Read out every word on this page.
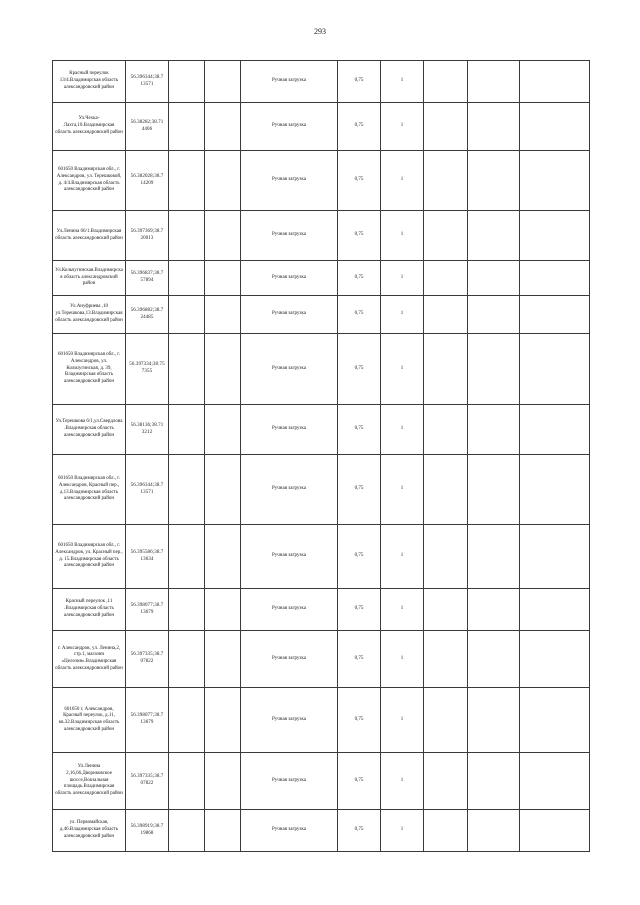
293
Красный переулок 13/4.Владимирская область александровский район	56.396344;38.7 13571			Ручная загрузка	0,75	1			
Ул.Чехка-Лахта,10.Владимирская область александровский район	56.38282;38.71 4406			Ручная загрузка	0,75	1			
601650 Владимирская обл., г. Александров, ул. Терешковой, д. 4/4.Владимирская область александровский район	56.382028;38.7 14209			Ручная загрузка	0,75	1			
Ул.Ленина 66/1.Владимирская область александровский район	56.397369;38.7 20013			Ручная загрузка	0,75	1			
Ул.Кольчугинская.Владимирская область александровский район	56.396837;38.7 57894			Ручная загрузка	0,75	1			
Ул.Ануфриева ,10 ул.Терешкова,13.Владимирская область александровский район	56.396882;38.7 24485			Ручная загрузка	0,75	1			
601650 Владимирская обл., г. Александров, ул. Кольчугинская, д. 39, Владимирская область александровский район	56.397334;38.75 7355			Ручная загрузка	0,75	1			
Ул.Терешкова 6/1,ул.Свердлова .Владимирская область александровский район	56.38136;38.71 3212			Ручная загрузка	0,75	1			
601650 Владимирская обл., г. Александров, Красный пер., д.13.Владимирская область александровский район	56.396344;38.7 13571			Ручная загрузка	0,75	1			
601650 Владимирская обл., г. Александров, ул. Красный пер., д. 15.Владимирская область александровский район	56.395586;38.7 13634			Ручная загрузка	0,75	1			
Красный переулок ,11 .Владимирская область александровский район	56.398077;38.7 13679			Ручная загрузка	0,75	1			
г. Александров, ул. Ленина,2, стр.1, магазин «Целозия».Владимирская область александровский район	56.397335;38.7 07822			Ручная загрузка	0,75	1			
601650 г. Александров, Красный переулок, д.11, кв.32.Владимирская область александровский район	56.398077;38.7 13679			Ручная загрузка	0,75	1			
Ул.Ленина 2,16,66.Двориковское шоссе,Вокзальная площадь.Владимирская область александровский район	56.397335;38.7 07822			Ручная загрузка	0,75	1			
ул. Первомайская, д.46.Владимирская область александровский район	56.398919;38.7 19868			Ручная загрузка	0,75	1			
